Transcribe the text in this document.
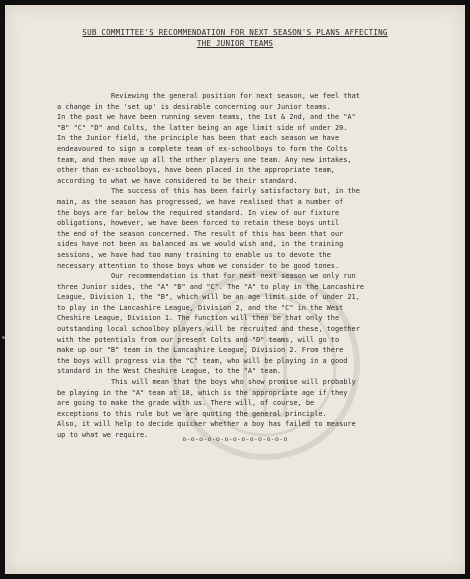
SUB COMMITTEE'S RECOMMENDATION FOR NEXT SEASON'S PLANS AFFECTING
THE JUNIOR TEAMS
Reviewing the general position for next season, we feel that
a change in the 'set up' is desirable concerning our Junior teams.
In the past we have been running seven teams, the 1st & 2nd, and the "A"
"B" "C" "D" and Colts, the latter being an age limit side of under 20.
In the Junior field, the principle has been that each season we have
endeavoured to sign a complete team of ex-schoolboys to form the Colts
team, and then move up all the other players one team. Any new intakes,
other than ex-schoolboys, have been placed in the appropriate team,
according to what we have considered to be their standard.
The success of this has been fairly satisfactory but, in the
main, as the season has progressed, we have realised that a number of
the boys are far below the required standard. In view of our fixture
obligations, however, we have been forced to retain these boys until
the end of the season concerned. The result of this has been that our
sides have not been as balanced as we would wish and, in the training
sessions, we have had too many training to enable us to devote the
necessary attention to those boys whom we consider to be good tones.
Our recommendation is that for next next season we only run
three Junior sides, the "A" "B" and "C". The "A" to play in the Lancashire
League, Division 1, the "B", which will be an age limit side of under 21,
to play in the Lancashire League, Division 2, and the "C" in the West
Cheshire League, Division 1. The function will then be that only the
outstanding local schoolboy players will be recruited and these, together
with the potentials from our present Colts and "D" teams, will go to
make up our "B" team in the Lancashire League, Division 2. From there
the boys will progress via the "C" team, who will be playing in a good
standard in the West Cheshire League, to the "A" team.
This will mean that the boys who show promise will probably
be playing in the "A" team at 18, which is the appropriate age if they
are going to make the grade with us. There will, of course, be
exceptions to this rule but we are quoting the general principle.
Also, it will help to decide quicker whether a boy has failed to measure
up to what we require.	o-o-o-o-o-o-o-o-o-o-o-o-o
